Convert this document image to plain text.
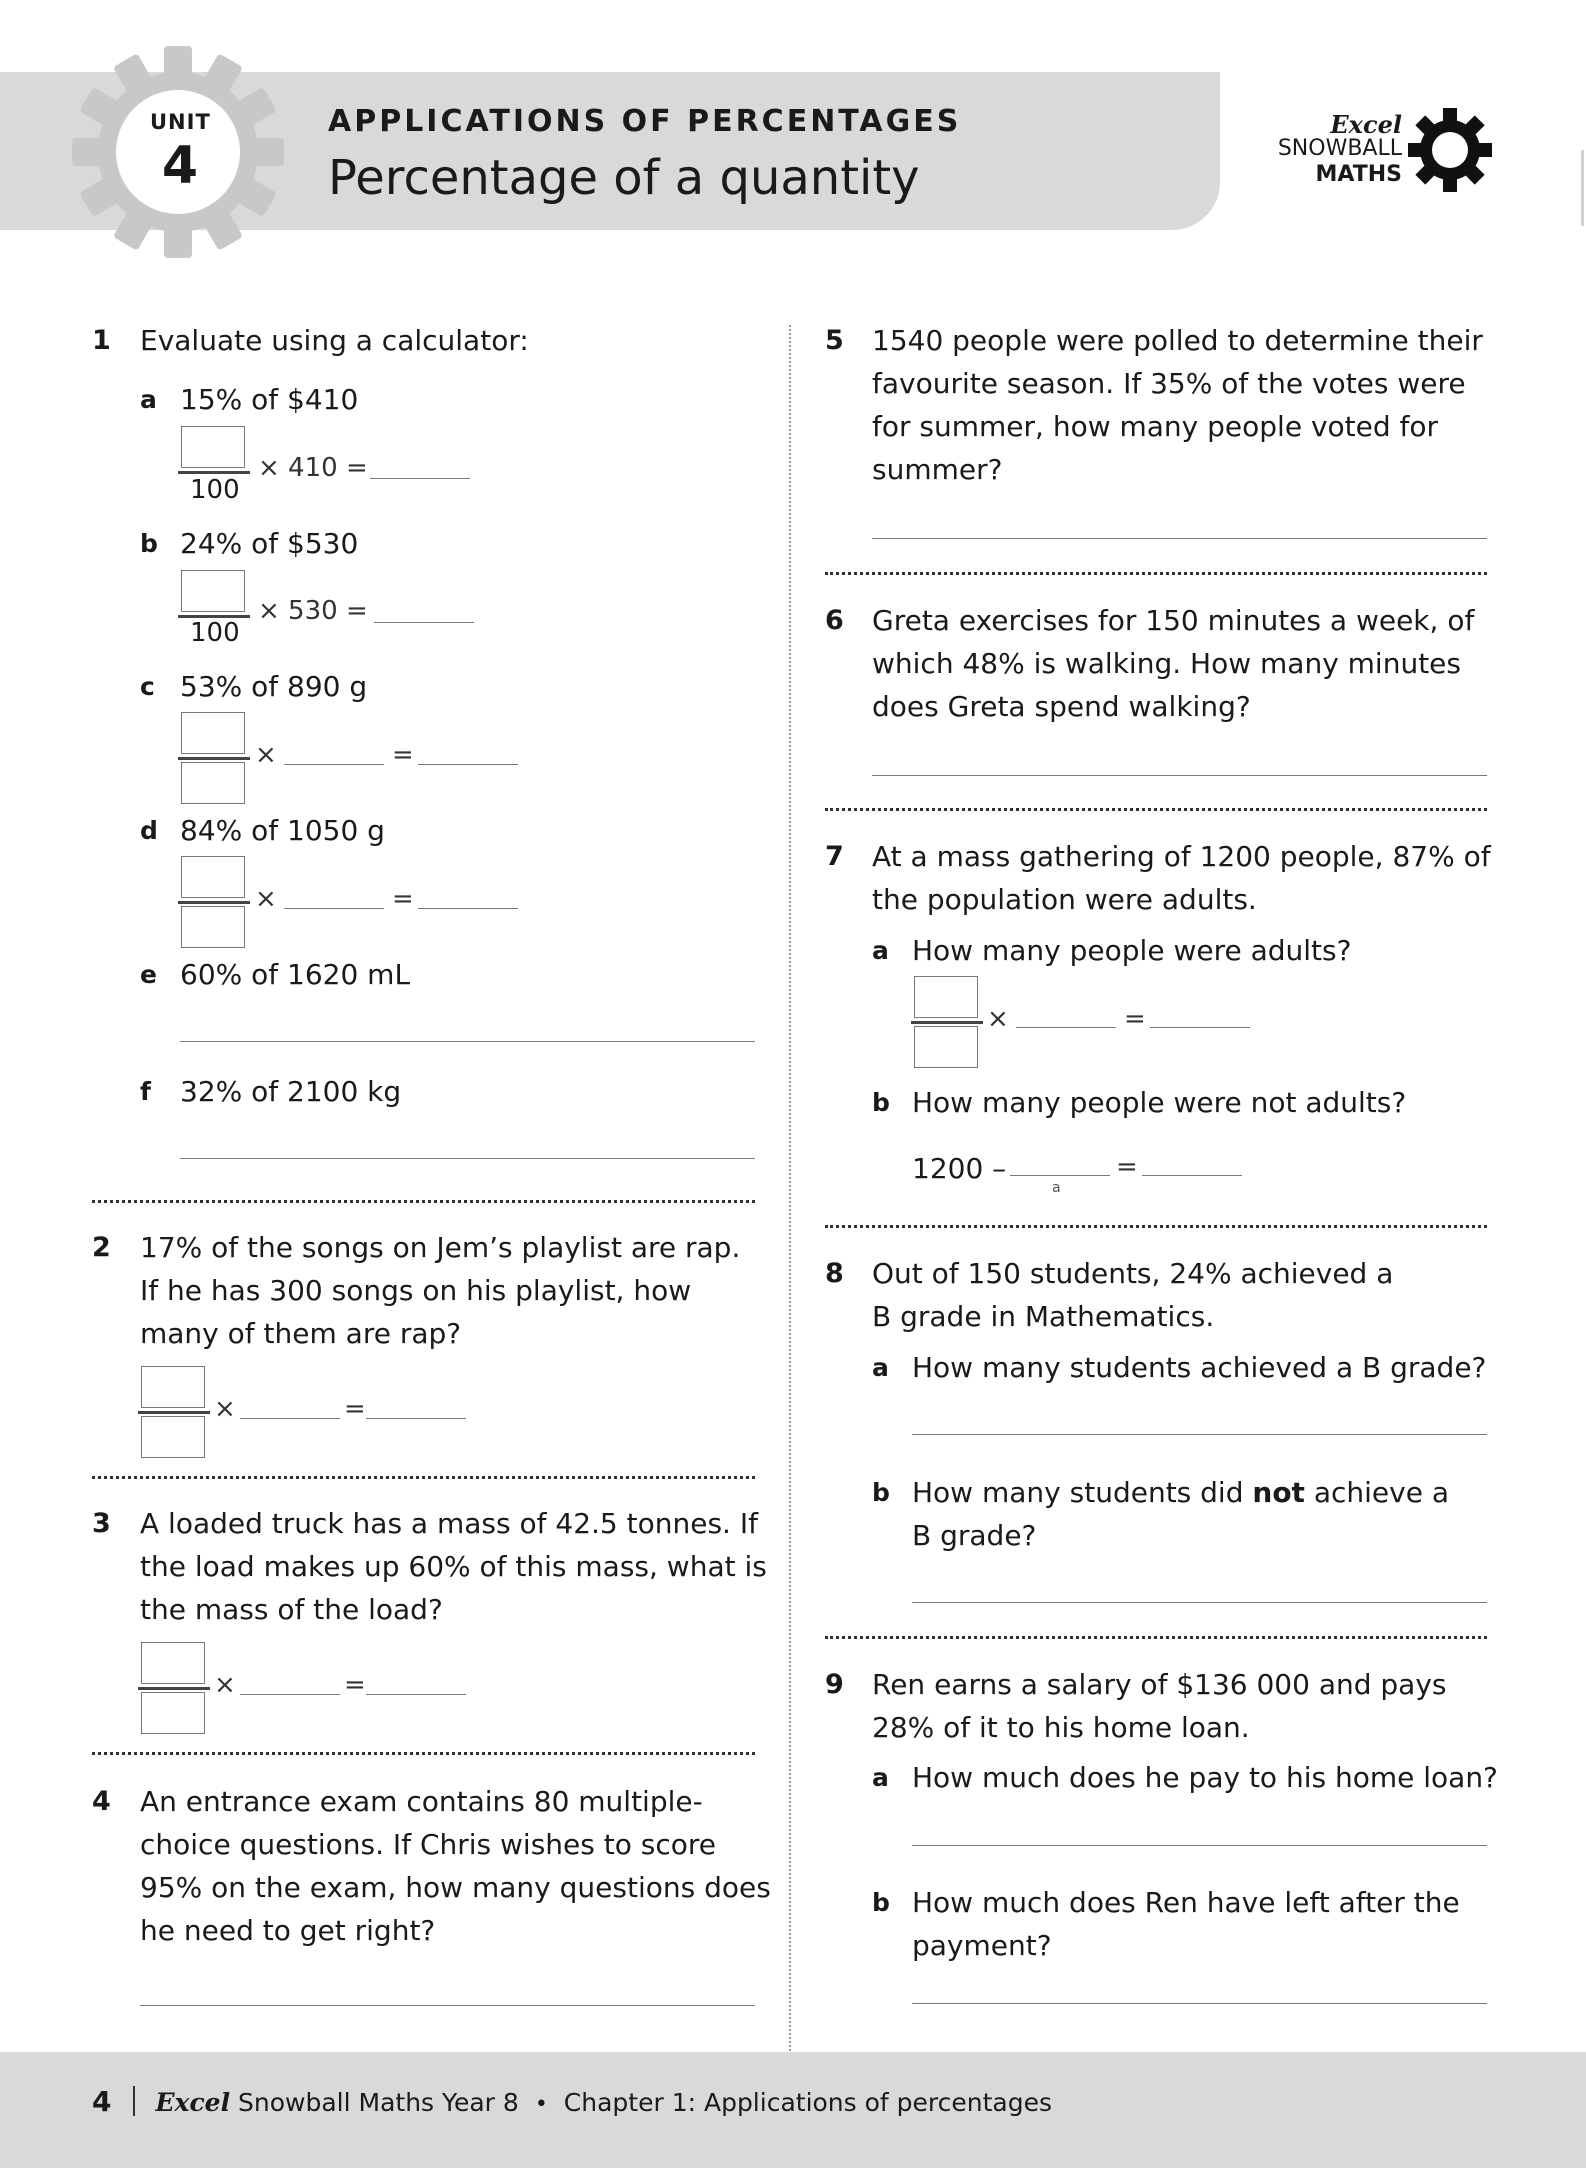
UNIT
4
APPLICATIONS OF PERCENTAGES
Percentage of a quantity
Excel
SNOWBALL
MATHS
1 Evaluate using a calculator:
a 15% of $410
100
× 410 =
b 24% of $530
100
× 530 =
c 53% of 890 g
×	=
d 84% of 1050 g
×	=
e 60% of 1620 mL
f 32% of 2100 kg
2 17% of the songs on Jem’s playlist are rap.
If he has 300 songs on his playlist, how
many of them are rap?
×	=
3 A loaded truck has a mass of 42.5 tonnes. If
the load makes up 60% of this mass, what is
the mass of the load?
×	=
4 An entrance exam contains 80 multiple-
choice questions. If Chris wishes to score
95% on the exam, how many questions does
he need to get right?
5 1540 people were polled to determine their
favourite season. If 35% of the votes were
for summer, how many people voted for
summer?
6 Greta exercises for 150 minutes a week, of
which 48% is walking. How many minutes
does Greta spend walking?
7 At a mass gathering of 1200 people, 87% of
the population were adults.
a How many people were adults?
×	=
b How many people were not adults?
1200 –
a
=
8 Out of 150 students, 24% achieved a
B grade in Mathematics.
a How many students achieved a B grade?
b How many students did not achieve a
B grade?
9 Ren earns a salary of $136 000 and pays
28% of it to his home loan.
a How much does he pay to his home loan?
b How much does Ren have left after the
payment?
4 Excel Snowball Maths Year 8 • Chapter 1: Applications of percentages
